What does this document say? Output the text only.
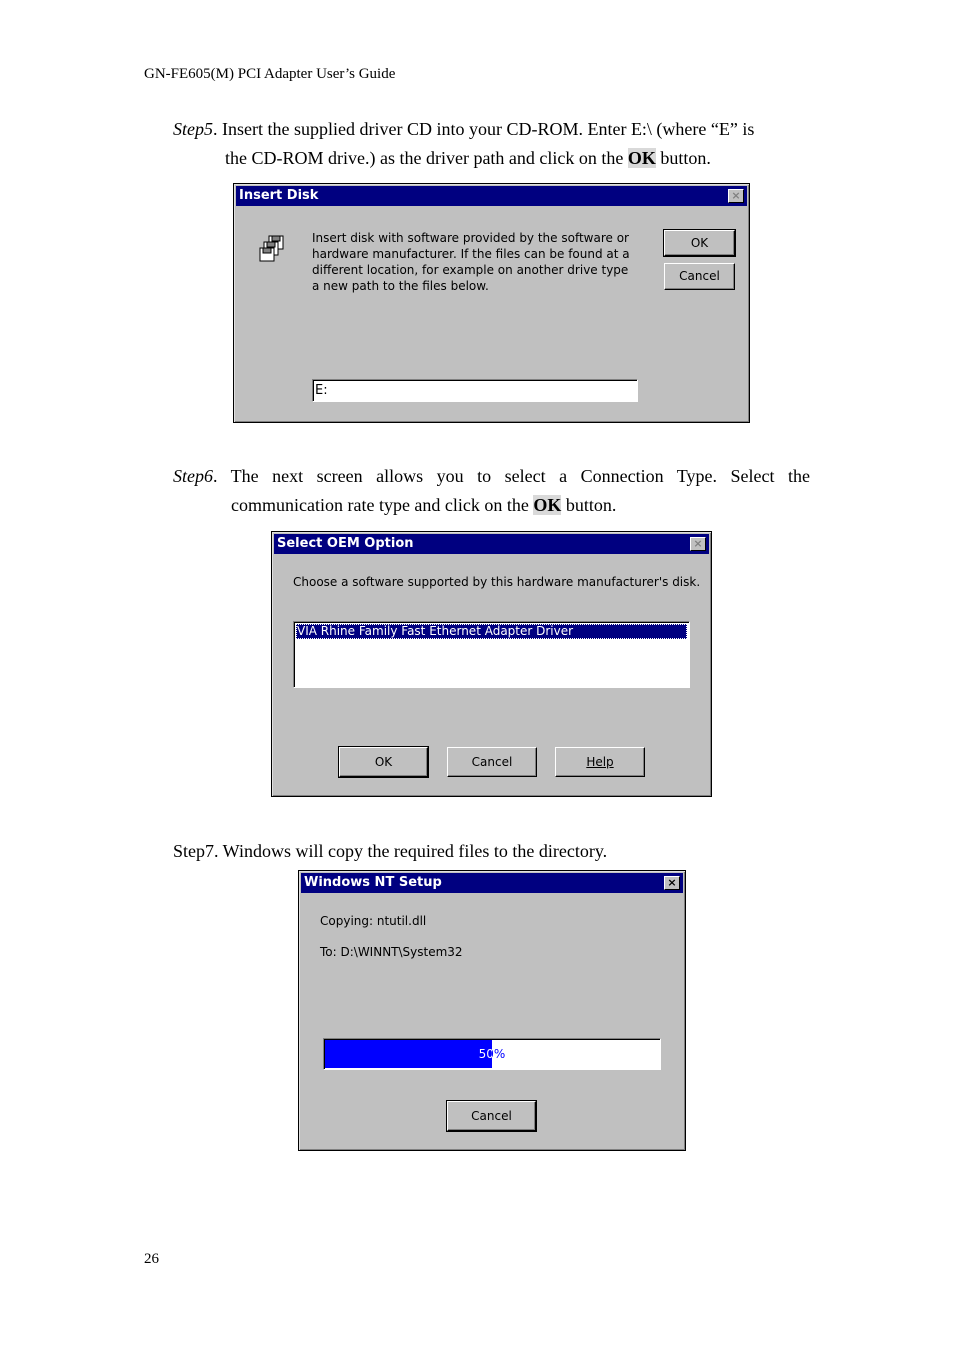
GN-FE605(M) PCI Adapter User’s Guide
Step5. Insert the supplied driver CD into your CD-ROM. Enter E:\ (where “E” is
the CD-ROM drive.) as the driver path and click on the OK button.
Insert Disk	×
Insert disk with software provided by the software or hardware manufacturer. If the files can be found at a different location, for example on another drive type a new path to the files below.
OK
Cancel
E:
Step6. The next screen allows you to select a Connection Type. Select the
communication rate type and click on the OK button.
Select OEM Option	×
Choose a software supported by this hardware manufacturer's disk.
VIA Rhine Family Fast Ethernet Adapter Driver
OK	Cancel	Help
Step7. Windows will copy the required files to the directory.
Windows NT Setup	×
Copying: ntutil.dll
To: D:\WINNT\System32
50%
Cancel
26
